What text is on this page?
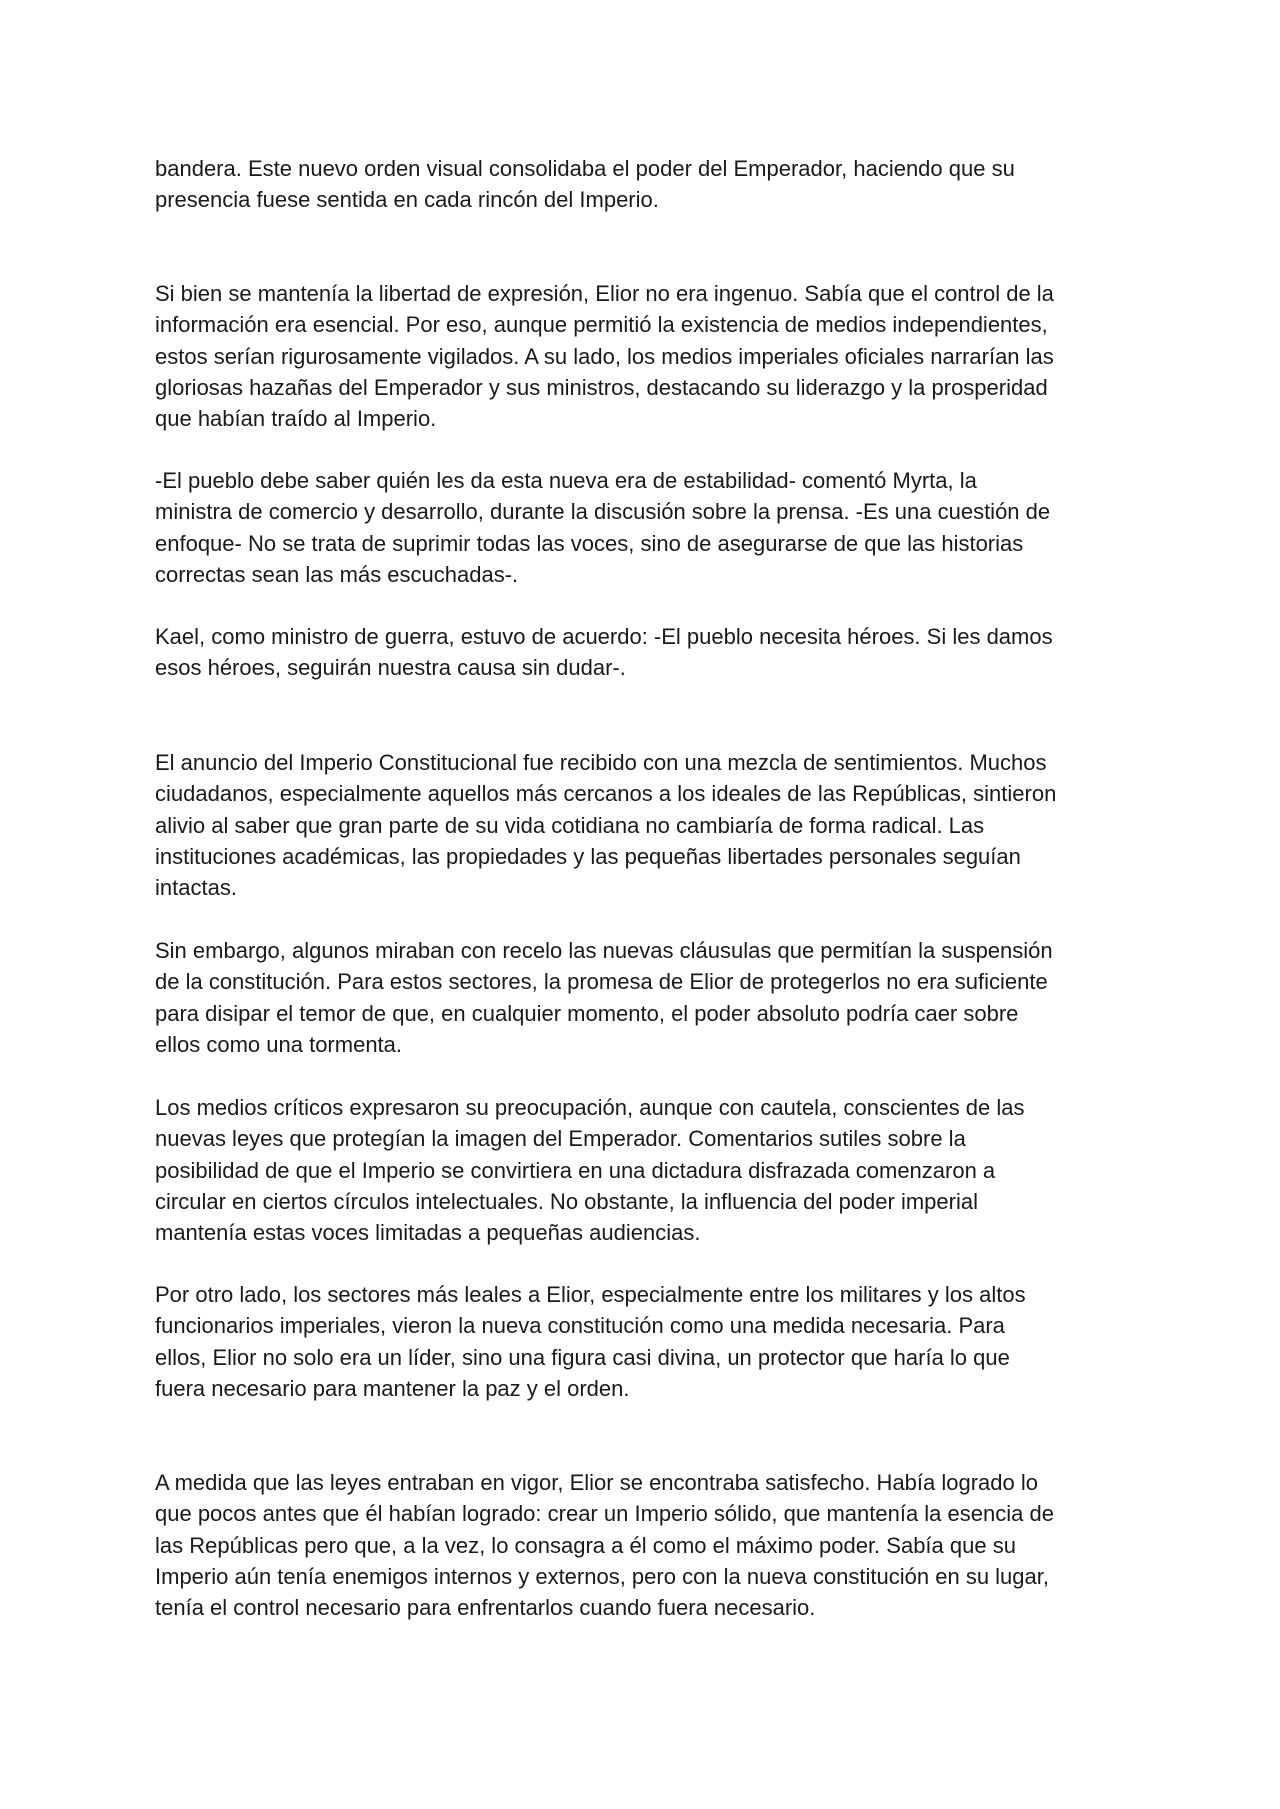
bandera. Este nuevo orden visual consolidaba el poder del Emperador, haciendo que su
presencia fuese sentida en cada rincón del Imperio.

Si bien se mantenía la libertad de expresión, Elior no era ingenuo. Sabía que el control de la
información era esencial. Por eso, aunque permitió la existencia de medios independientes,
estos serían rigurosamente vigilados. A su lado, los medios imperiales oficiales narrarían las
gloriosas hazañas del Emperador y sus ministros, destacando su liderazgo y la prosperidad
que habían traído al Imperio.

-El pueblo debe saber quién les da esta nueva era de estabilidad- comentó Myrta, la
ministra de comercio y desarrollo, durante la discusión sobre la prensa. -Es una cuestión de
enfoque- No se trata de suprimir todas las voces, sino de asegurarse de que las historias
correctas sean las más escuchadas-.

Kael, como ministro de guerra, estuvo de acuerdo: -El pueblo necesita héroes. Si les damos
esos héroes, seguirán nuestra causa sin dudar-.

El anuncio del Imperio Constitucional fue recibido con una mezcla de sentimientos. Muchos
ciudadanos, especialmente aquellos más cercanos a los ideales de las Repúblicas, sintieron
alivio al saber que gran parte de su vida cotidiana no cambiaría de forma radical. Las
instituciones académicas, las propiedades y las pequeñas libertades personales seguían
intactas.

Sin embargo, algunos miraban con recelo las nuevas cláusulas que permitían la suspensión
de la constitución. Para estos sectores, la promesa de Elior de protegerlos no era suficiente
para disipar el temor de que, en cualquier momento, el poder absoluto podría caer sobre
ellos como una tormenta.

Los medios críticos expresaron su preocupación, aunque con cautela, conscientes de las
nuevas leyes que protegían la imagen del Emperador. Comentarios sutiles sobre la
posibilidad de que el Imperio se convirtiera en una dictadura disfrazada comenzaron a
circular en ciertos círculos intelectuales. No obstante, la influencia del poder imperial
mantenía estas voces limitadas a pequeñas audiencias.

Por otro lado, los sectores más leales a Elior, especialmente entre los militares y los altos
funcionarios imperiales, vieron la nueva constitución como una medida necesaria. Para
ellos, Elior no solo era un líder, sino una figura casi divina, un protector que haría lo que
fuera necesario para mantener la paz y el orden.

A medida que las leyes entraban en vigor, Elior se encontraba satisfecho. Había logrado lo
que pocos antes que él habían logrado: crear un Imperio sólido, que mantenía la esencia de
las Repúblicas pero que, a la vez, lo consagra a él como el máximo poder. Sabía que su
Imperio aún tenía enemigos internos y externos, pero con la nueva constitución en su lugar,
tenía el control necesario para enfrentarlos cuando fuera necesario.
